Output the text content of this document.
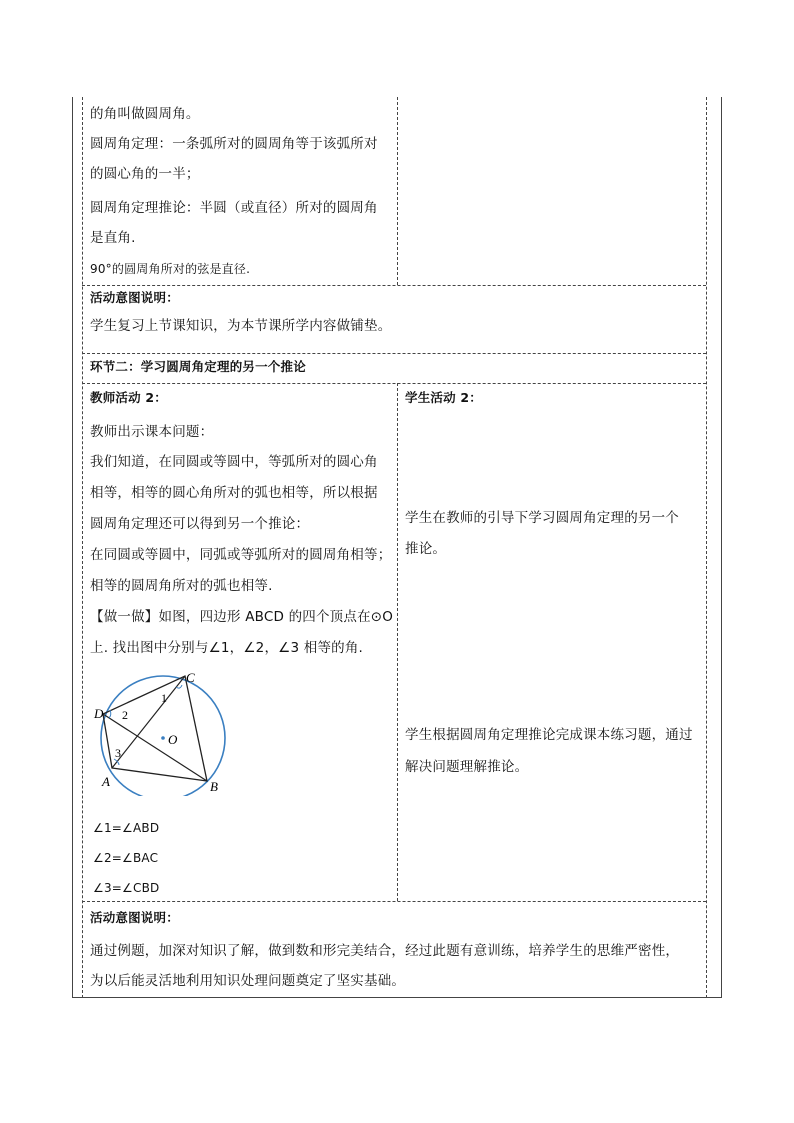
的角叫做圆周角。
圆周角定理：一条弧所对的圆周角等于该弧所对
的圆心角的一半；
圆周角定理推论：半圆（或直径）所对的圆周角
是直角.
90°的圆周角所对的弦是直径.
活动意图说明：
学生复习上节课知识，为本节课所学内容做铺垫。
环节二：学习圆周角定理的另一个推论
教师活动 2：
教师出示课本问题：
我们知道，在同圆或等圆中，等弧所对的圆心角
相等，相等的圆心角所对的弧也相等，所以根据
圆周角定理还可以得到另一个推论：
在同圆或等圆中，同弧或等弧所对的圆周角相等；
相等的圆周角所对的弧也相等.
【做一做】如图，四边形 ABCD 的四个顶点在⊙O
上. 找出图中分别与∠1，∠2，∠3 相等的角.
C
D
A	B
O
1
2
3
∠1=∠ABD
∠2=∠BAC
∠3=∠CBD
学生活动 2：
学生在教师的引导下学习圆周角定理的另一个
推论。
学生根据圆周角定理推论完成课本练习题，通过
解决问题理解推论。
活动意图说明：
通过例题，加深对知识了解，做到数和形完美结合，经过此题有意训练，培养学生的思维严密性，
为以后能灵活地利用知识处理问题奠定了坚实基础。
